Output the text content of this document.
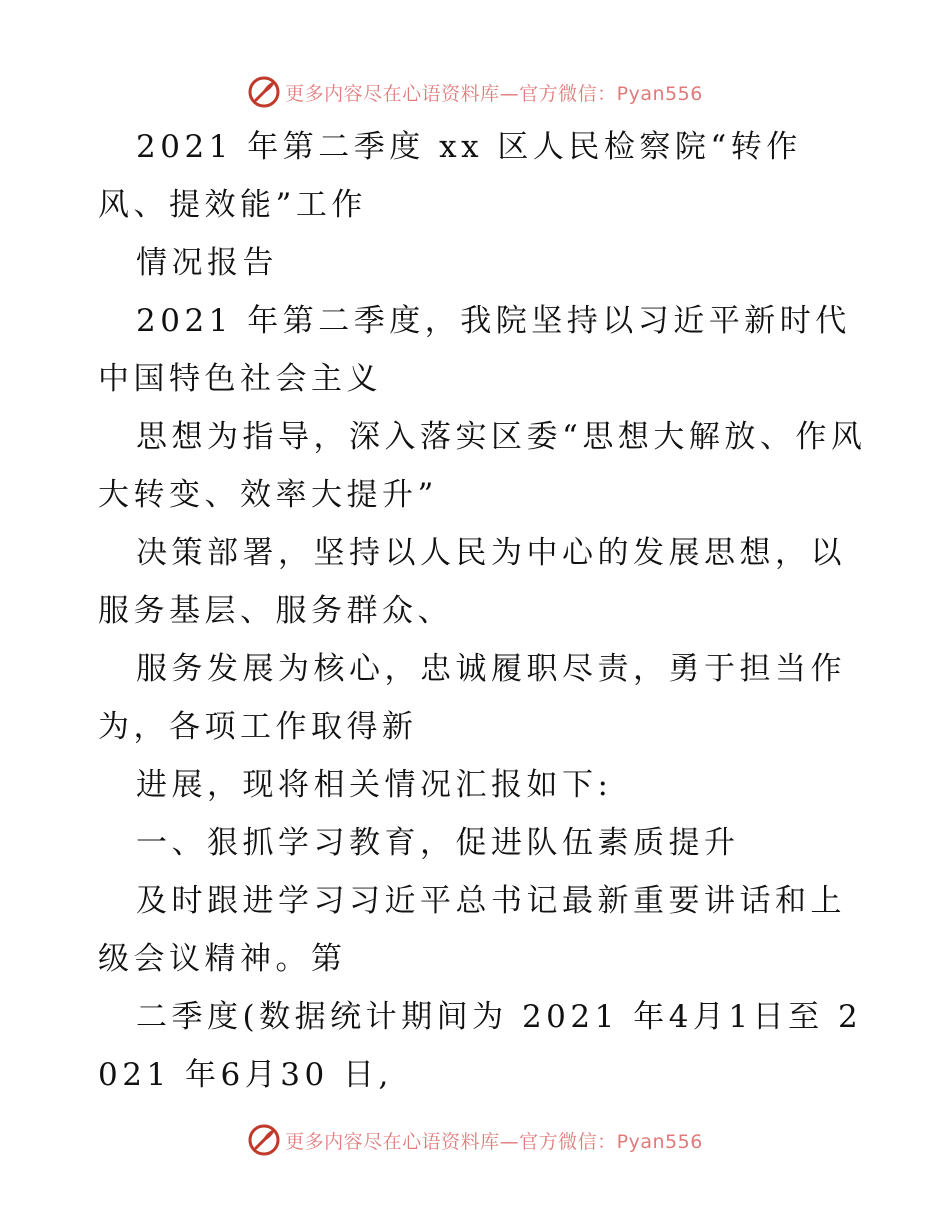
更多内容尽在心语资料库—官方微信：Pyan556

2021 年第二季度 xx 区人民检察院“转作风、提效能”工作

情况报告

2021 年第二季度，我院坚持以习近平新时代中国特色社会主义

思想为指导，深入落实区委“思想大解放、作风大转变、效率大提升”

决策部署，坚持以人民为中心的发展思想，以服务基层、服务群众、

服务发展为核心，忠诚履职尽责，勇于担当作为，各项工作取得新

进展，现将相关情况汇报如下:

一、狠抓学习教育，促进队伍素质提升

及时跟进学习习近平总书记最新重要讲话和上级会议精神。第

二季度(数据统计期间为 2021 年4月1日至 2021 年6月30 日,

更多内容尽在心语资料库—官方微信：Pyan556
